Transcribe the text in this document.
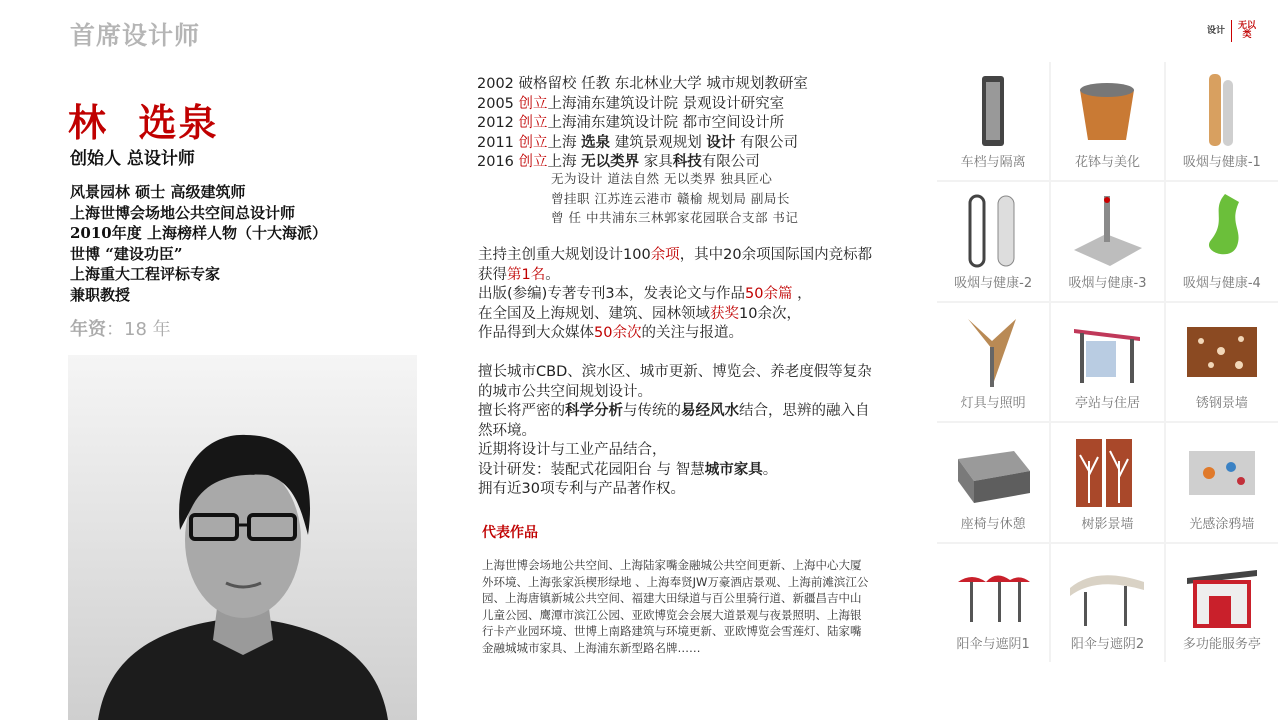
首席设计师	设计	无以类
林  选泉
创始人 总设计师
风景园林 硕士 高级建筑师
上海世博会场地公共空间总设计师
2010年度 上海榜样人物（十大海派）
世博 “建设功臣”
上海重大工程评标专家
兼职教授
年资：18 年
2002 破格留校 任教 东北林业大学 城市规划教研室
2005 创立上海浦东建筑设计院 景观设计研究室
2012 创立上海浦东建筑设计院 都市空间设计所
2011 创立上海 选泉 建筑景观规划 设计 有限公司
2016 创立上海 无以类界 家具科技有限公司
无为设计 道法自然 无以类界 独具匠心
曾挂职 江苏连云港市 赣榆 规划局 副局长
曾 任 中共浦东三林郭家花园联合支部 书记

主持主创重大规划设计100余项，其中20余项国际国内竞标都获得第1名。

出版(参编)专著专刊3本，发表论文与作品50余篇 ，

在全国及上海规划、建筑、园林领域获奖10余次，

作品得到大众媒体50余次的关注与报道。

擅长城市CBD、滨水区、城市更新、博览会、养老度假等复杂的城市公共空间规划设计。

擅长将严密的科学分析与传统的易经风水结合，思辨的融入自然环境。

近期将设计与工业产品结合，

设计研发：装配式花园阳台 与 智慧城市家具。

拥有近30项专利与产品著作权。

代表作品
上海世博会场地公共空间、上海陆家嘴金融城公共空间更新、上海中心大厦外环境、上海张家浜楔形绿地 、上海奉贤JW万豪酒店景观、上海前滩滨江公园、上海唐镇新城公共空间、福建大田绿道与百公里骑行道、新疆昌吉中山儿童公园、鹰潭市滨江公园、亚欧博览会会展大道景观与夜景照明、上海银行卡产业园环境、世博上南路建筑与环境更新、亚欧博览会雪莲灯、陆家嘴金融城城市家具、上海浦东新型路名牌……
车档与隔离	花钵与美化	吸烟与健康-1
吸烟与健康-2	吸烟与健康-3	吸烟与健康-4
灯具与照明	亭站与住居	锈钢景墙
座椅与休憩	树影景墙	光感涂鸦墙
阳伞与遮阴1	阳伞与遮阴2	多功能服务亭
